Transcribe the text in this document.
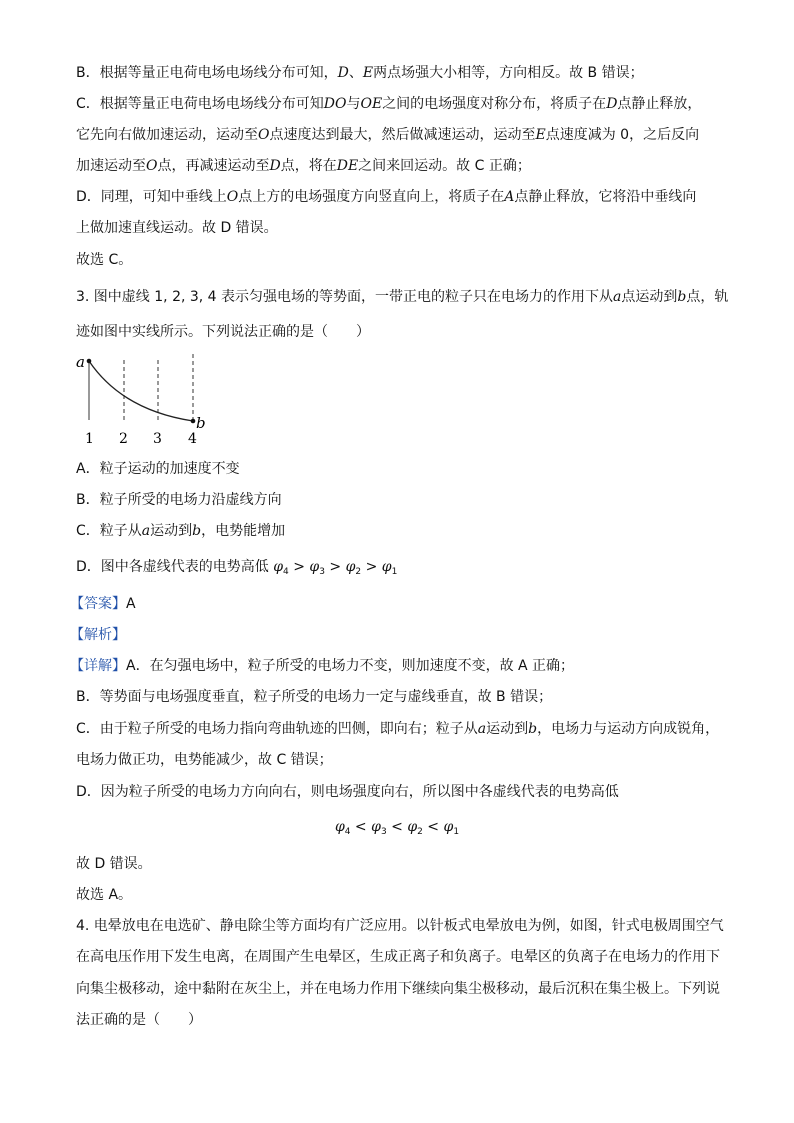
B．根据等量正电荷电场电场线分布可知，D、E两点场强大小相等，方向相反。故 B 错误；
C．根据等量正电荷电场电场线分布可知DO与OE之间的电场强度对称分布，将质子在D点静止释放，
它先向右做加速运动，运动至O点速度达到最大，然后做减速运动，运动至E点速度减为 0，之后反向
加速运动至O点，再减速运动至D点，将在DE之间来回运动。故 C 正确；
D．同理，可知中垂线上O点上方的电场强度方向竖直向上，将质子在A点静止释放，它将沿中垂线向
上做加速直线运动。故 D 错误。
故选 C。
3. 图中虚线 1, 2, 3, 4 表示匀强电场的等势面，一带正电的粒子只在电场力的作用下从a点运动到b点，轨
迹如图中实线所示。下列说法正确的是（　　）
a
b
1 2 3 4
A．粒子运动的加速度不变
B．粒子所受的电场力沿虚线方向
C．粒子从a运动到b，电势能增加
D．图中各虚线代表的电势高低 $\varphi_4 > \varphi_3 > \varphi_2 > \varphi_1$
【答案】A
【解析】
【详解】A．在匀强电场中，粒子所受的电场力不变，则加速度不变，故 A 正确；
B．等势面与电场强度垂直，粒子所受的电场力一定与虚线垂直，故 B 错误；
C．由于粒子所受的电场力指向弯曲轨迹的凹侧，即向右；粒子从a运动到b，电场力与运动方向成锐角，
电场力做正功，电势能减少，故 C 错误；
D．因为粒子所受的电场力方向向右，则电场强度向右，所以图中各虚线代表的电势高低
$\varphi_4 < \varphi_3 < \varphi_2 < \varphi_1$
故 D 错误。
故选 A。
4. 电晕放电在电选矿、静电除尘等方面均有广泛应用。以针板式电晕放电为例，如图，针式电极周围空气
在高电压作用下发生电离，在周围产生电晕区，生成正离子和负离子。电晕区的负离子在电场力的作用下
向集尘极移动，途中黏附在灰尘上，并在电场力作用下继续向集尘极移动，最后沉积在集尘极上。下列说
法正确的是（　　）
